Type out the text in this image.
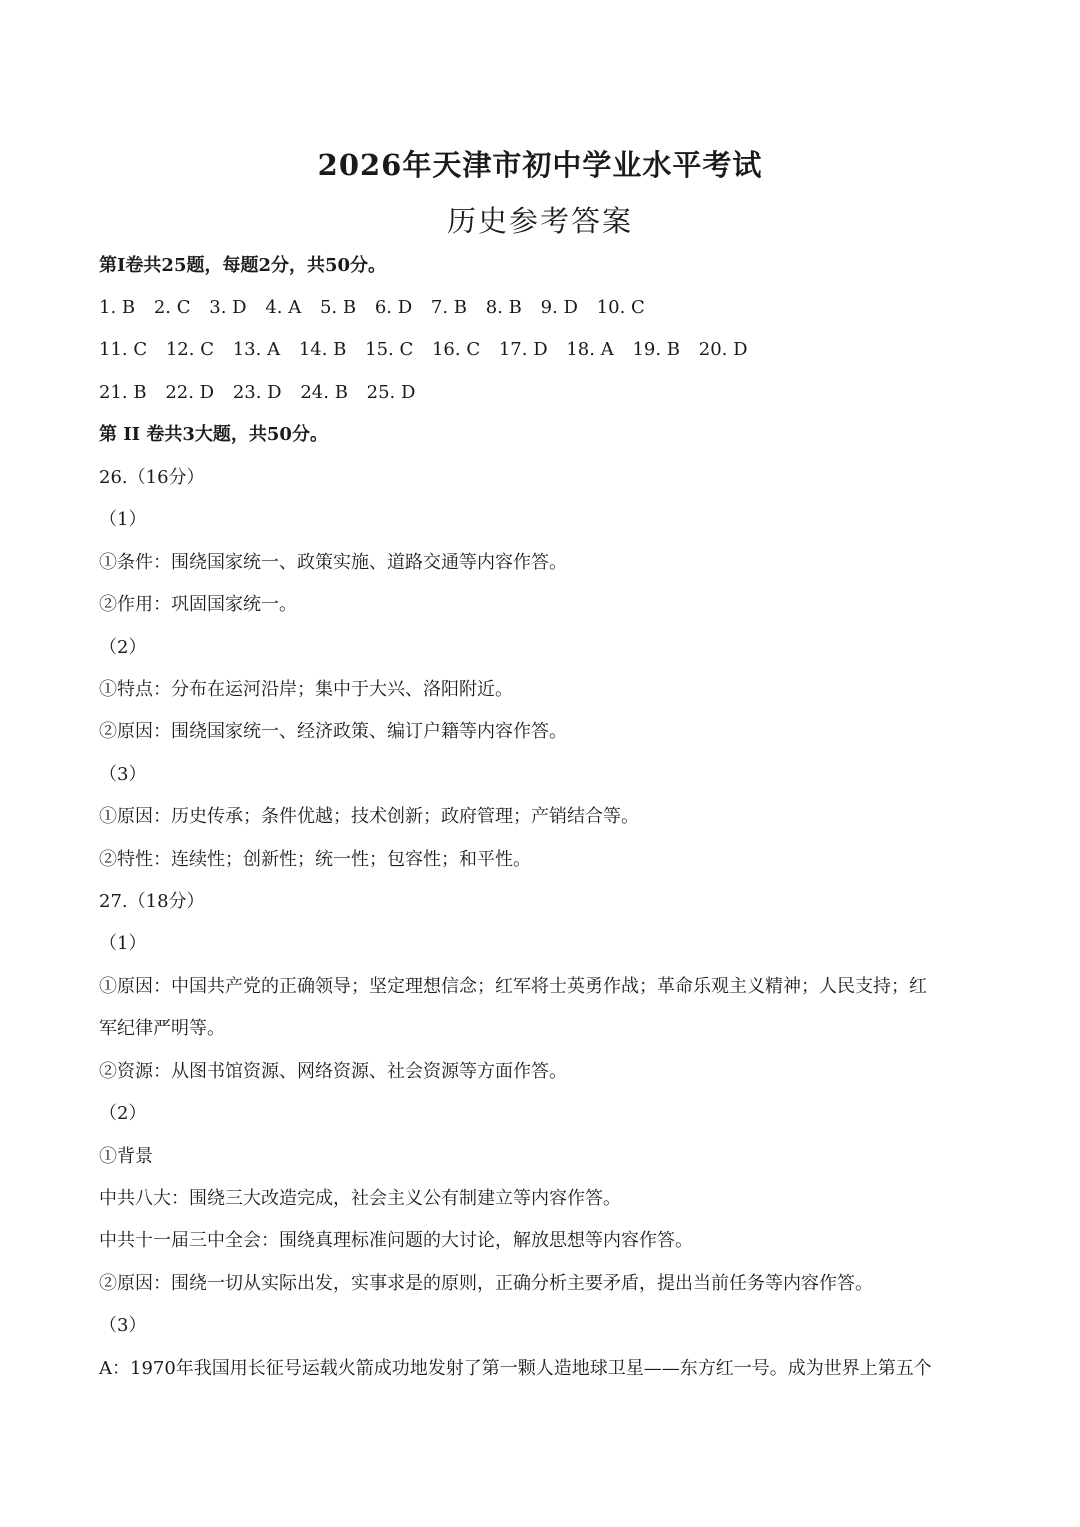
2026年天津市初中学业水平考试
历史参考答案
第Ⅰ卷共25题，每题2分，共50分。
1. B 2. C 3. D 4. A 5. B 6. D 7. B 8. B 9. D 10. C
11. C 12. C 13. A 14. B 15. C 16. C 17. D 18. A 19. B 20. D
21. B 22. D 23. D 24. B 25. D
第 II 卷共3大题，共50分。
26.（16分）
（1）
①条件：围绕国家统一、政策实施、道路交通等内容作答。
②作用：巩固国家统一。
（2）
①特点：分布在运河沿岸；集中于大兴、洛阳附近。
②原因：围绕国家统一、经济政策、编订户籍等内容作答。
（3）
①原因：历史传承；条件优越；技术创新；政府管理；产销结合等。
②特性：连续性；创新性；统一性；包容性；和平性。
27.（18分）
（1）
①原因：中国共产党的正确领导；坚定理想信念；红军将士英勇作战；革命乐观主义精神；人民支持；红
军纪律严明等。
②资源：从图书馆资源、网络资源、社会资源等方面作答。
（2）
①背景
中共八大：围绕三大改造完成，社会主义公有制建立等内容作答。
中共十一届三中全会：围绕真理标准问题的大讨论，解放思想等内容作答。
②原因：围绕一切从实际出发，实事求是的原则，正确分析主要矛盾，提出当前任务等内容作答。
（3）
A：1970年我国用长征号运载火箭成功地发射了第一颗人造地球卫星——东方红一号。成为世界上第五个
